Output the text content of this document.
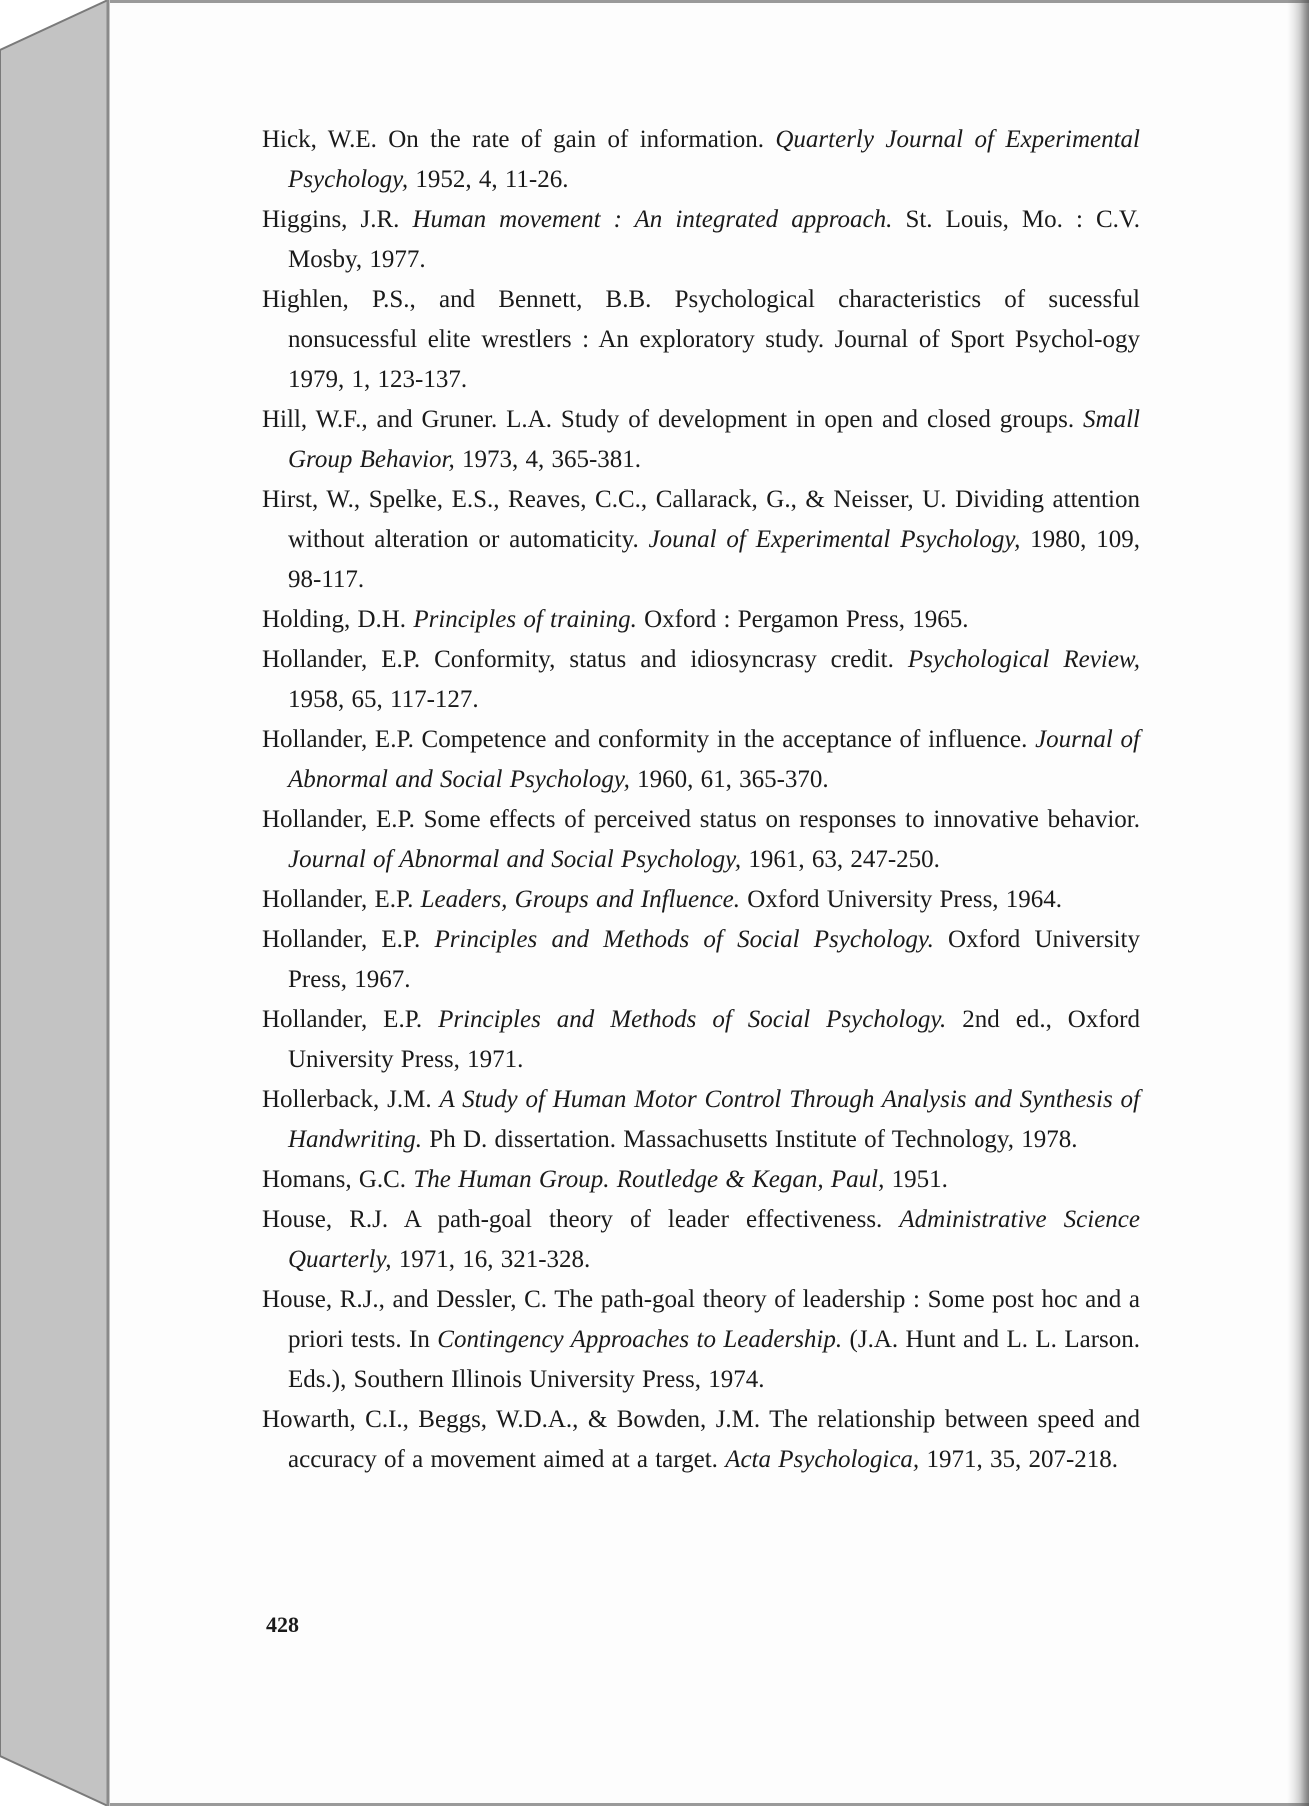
Hick, W.E. On the rate of gain of information. Quarterly Journal of Experimental Psychology, 1952, 4, 11-26.
Higgins, J.R. Human movement : An integrated approach. St. Louis, Mo. : C.V. Mosby, 1977.
Highlen, P.S., and Bennett, B.B. Psychological characteristics of sucessful nonsucessful elite wrestlers : An exploratory study. Journal of Sport Psychol-ogy 1979, 1, 123-137.
Hill, W.F., and Gruner. L.A. Study of development in open and closed groups. Small Group Behavior, 1973, 4, 365-381.
Hirst, W., Spelke, E.S., Reaves, C.C., Callarack, G., & Neisser, U. Dividing attention without alteration or automaticity. Jounal of Experimental Psychology, 1980, 109, 98-117.
Holding, D.H. Principles of training. Oxford : Pergamon Press, 1965.
Hollander, E.P. Conformity, status and idiosyncrasy credit. Psychological Review, 1958, 65, 117-127.
Hollander, E.P. Competence and conformity in the acceptance of influence. Journal of Abnormal and Social Psychology, 1960, 61, 365-370.
Hollander, E.P. Some effects of perceived status on responses to innovative behavior. Journal of Abnormal and Social Psychology, 1961, 63, 247-250.
Hollander, E.P. Leaders, Groups and Influence. Oxford University Press, 1964.
Hollander, E.P. Principles and Methods of Social Psychology. Oxford University Press, 1967.
Hollander, E.P. Principles and Methods of Social Psychology. 2nd ed., Oxford University Press, 1971.
Hollerback, J.M. A Study of Human Motor Control Through Analysis and Synthesis of Handwriting. Ph D. dissertation. Massachusetts Institute of Technology, 1978.
Homans, G.C. The Human Group. Routledge & Kegan, Paul, 1951.
House, R.J. A path-goal theory of leader effectiveness. Administrative Science Quarterly, 1971, 16, 321-328.
House, R.J., and Dessler, C. The path-goal theory of leadership : Some post hoc and a priori tests. In Contingency Approaches to Leadership. (J.A. Hunt and L. L. Larson. Eds.), Southern Illinois University Press, 1974.
Howarth, C.I., Beggs, W.D.A., & Bowden, J.M. The relationship between speed and accuracy of a movement aimed at a target. Acta Psychologica, 1971, 35, 207-218.
428
